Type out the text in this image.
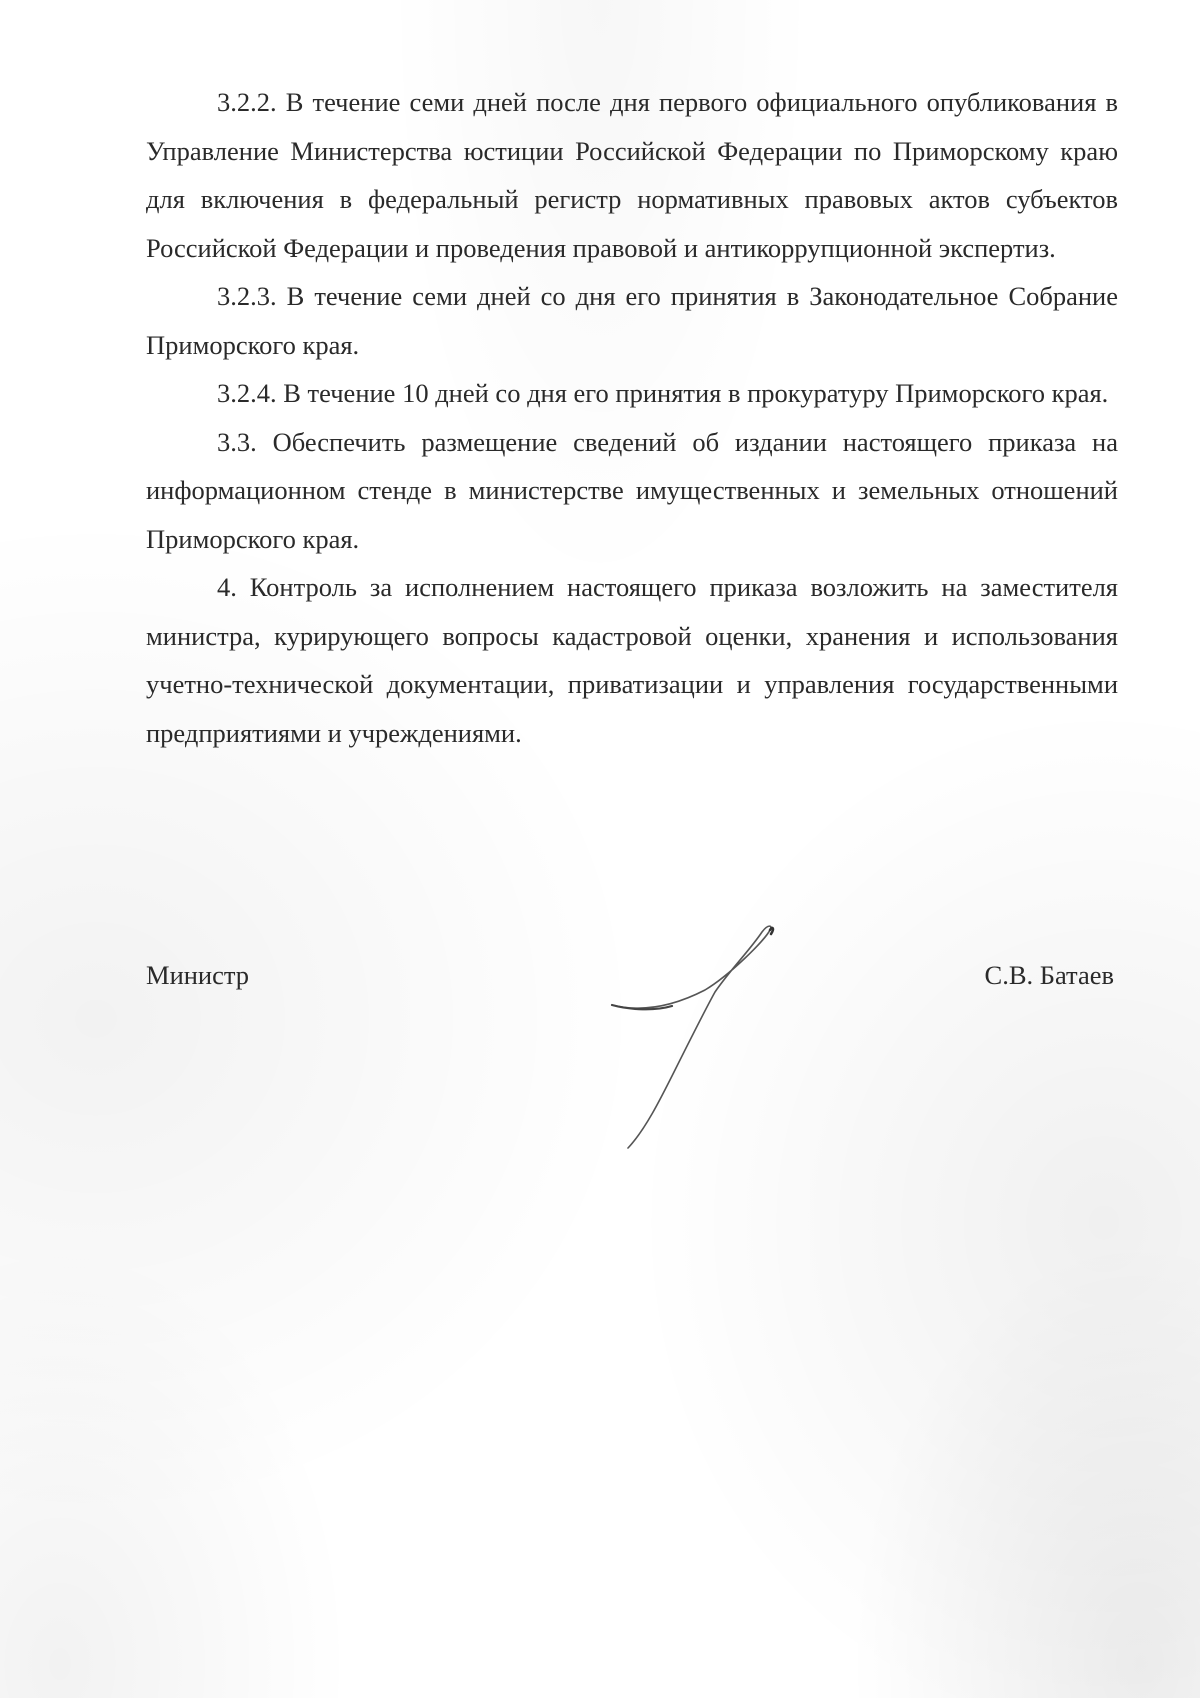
3.2.2. В течение семи дней после дня первого официального опубликования в Управление Министерства юстиции Российской Федерации по Приморскому краю для включения в федеральный регистр нормативных правовых актов субъектов Российской Федерации и проведения правовой и антикоррупционной экспертиз.

3.2.3. В течение семи дней со дня его принятия в Законодательное Собрание Приморского края.

3.2.4. В течение 10 дней со дня его принятия в прокуратуру Приморского края.

3.3. Обеспечить размещение сведений об издании настоящего приказа на информационном стенде в министерстве имущественных и земельных отношений Приморского края.

4. Контроль за исполнением настоящего приказа возложить на заместителя министра, курирующего вопросы кадастровой оценки, хранения и использования учетно-технической документации, приватизации и управления государственными предприятиями и учреждениями.

Министр	С.В. Батаев
